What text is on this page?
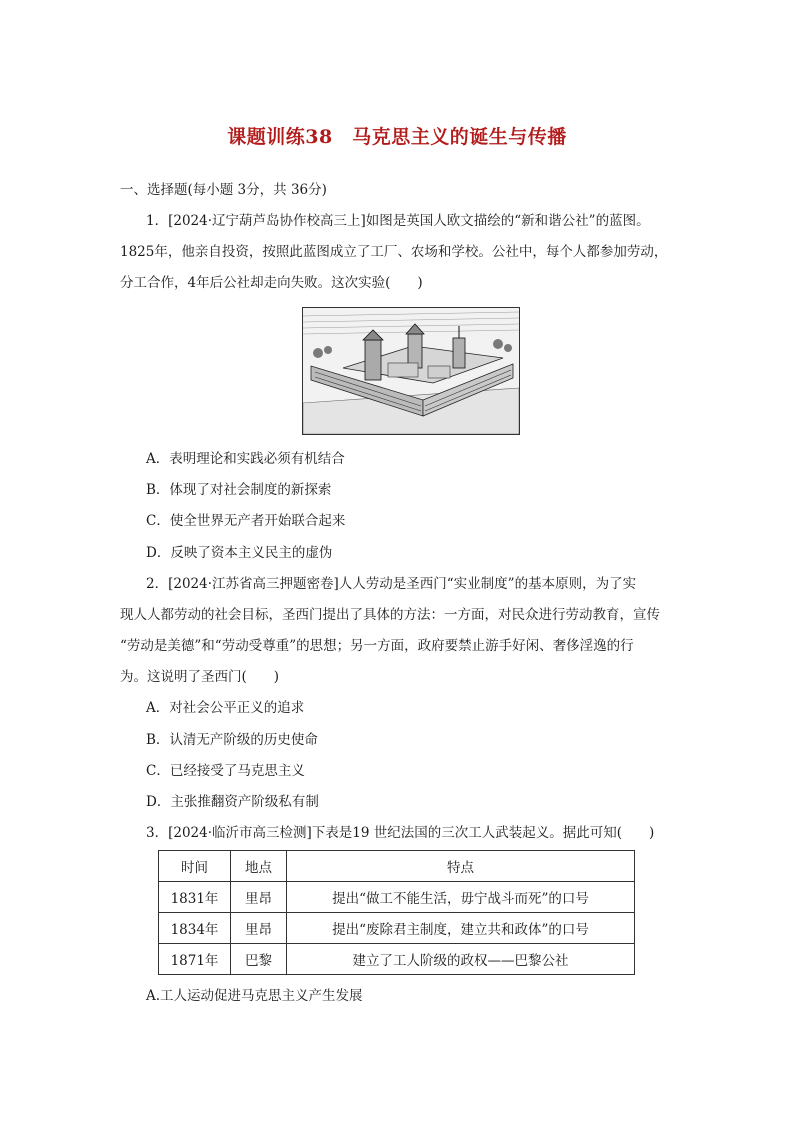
课题训练38　马克思主义的诞生与传播
一、选择题(每小题 3分，共 36分)
1．[2024·辽宁葫芦岛协作校高三上]如图是英国人欧文描绘的“新和谐公社”的蓝图。
1825年，他亲自投资，按照此蓝图成立了工厂、农场和学校。公社中，每个人都参加劳动，
分工合作，4年后公社却走向失败。这次实验(　　)
A．表明理论和实践必须有机结合
B．体现了对社会制度的新探索
C．使全世界无产者开始联合起来
D．反映了资本主义民主的虚伪
2．[2024·江苏省高三押题密卷]人人劳动是圣西门“实业制度”的基本原则，为了实
现人人都劳动的社会目标，圣西门提出了具体的方法：一方面，对民众进行劳动教育，宣传
“劳动是美德”和“劳动受尊重”的思想；另一方面，政府要禁止游手好闲、奢侈淫逸的行
为。这说明了圣西门(　　)
A．对社会公平正义的追求
B．认清无产阶级的历史使命
C．已经接受了马克思主义
D．主张推翻资产阶级私有制
3．[2024·临沂市高三检测]下表是19 世纪法国的三次工人武装起义。据此可知(　　)
时间	地点	特点
1831年	里昂	提出“做工不能生活，毋宁战斗而死”的口号
1834年	里昂	提出“废除君主制度，建立共和政体”的口号
1871年	巴黎	建立了工人阶级的政权——巴黎公社
A.工人运动促进马克思主义产生发展
